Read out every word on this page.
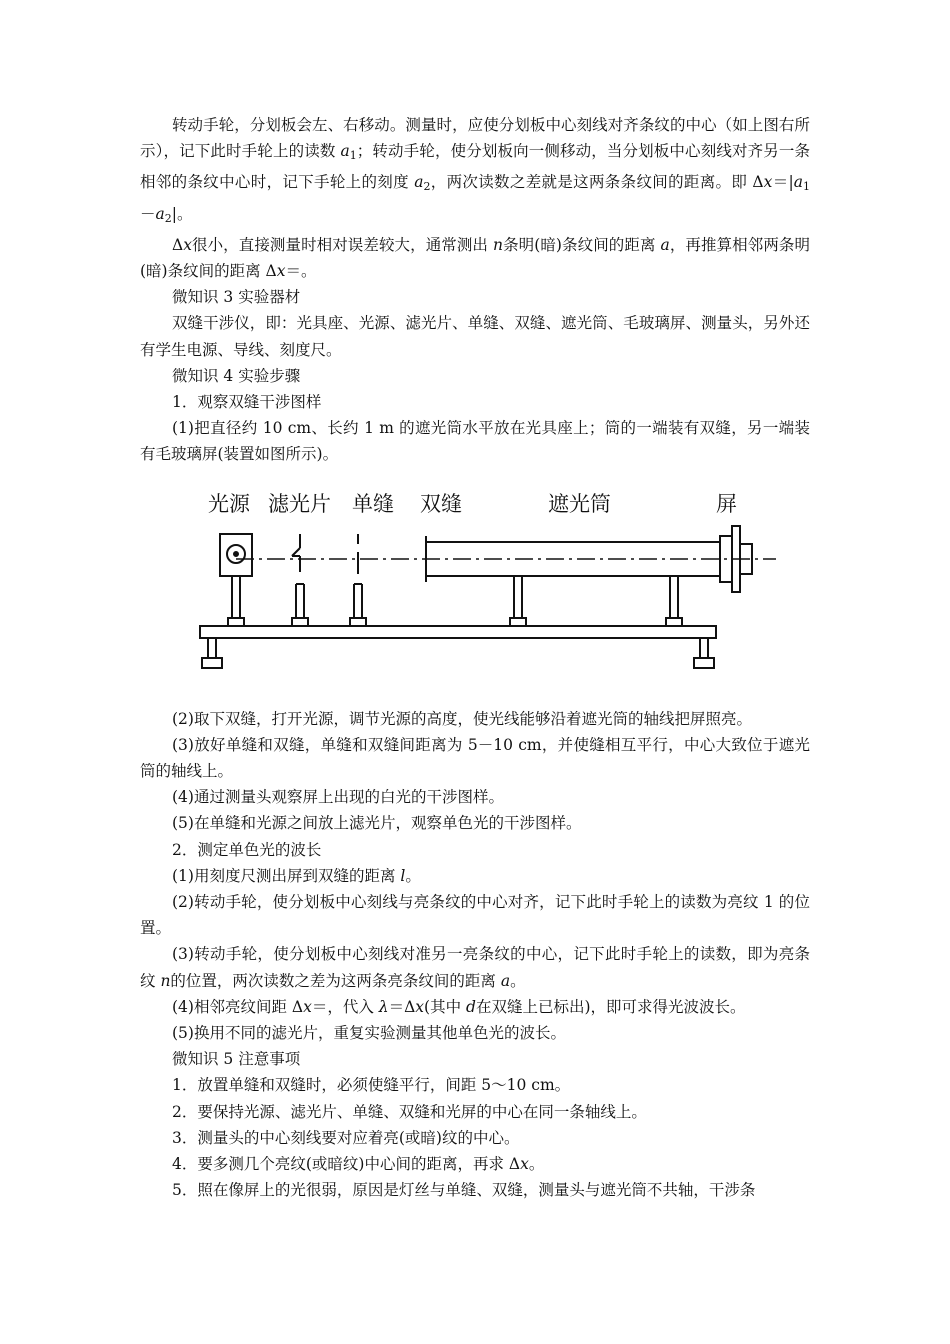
转动手轮，分划板会左、右移动。测量时，应使分划板中心刻线对齐条纹的中心（如上图右所示），记下此时手轮上的读数 $a_1$；转动手轮，使分划板向一侧移动，当分划板中心刻线对齐另一条相邻的条纹中心时，记下手轮上的刻度 $a_2$，两次读数之差就是这两条条纹间的距离。即 $\Delta x=|a_1-a_2|$。

Δx很小，直接测量时相对误差较大，通常测出 n条明(暗)条纹间的距离 a，再推算相邻两条明(暗)条纹间的距离 Δx＝。

微知识 3 实验器材

双缝干涉仪，即：光具座、光源、滤光片、单缝、双缝、遮光筒、毛玻璃屏、测量头，另外还有学生电源、导线、刻度尺。

微知识 4 实验步骤

1．观察双缝干涉图样

(1)把直径约 10 cm、长约 1 m 的遮光筒水平放在光具座上；筒的一端装有双缝，另一端装有毛玻璃屏(装置如图所示)。

光源 滤光片 单缝 双缝	遮光筒	屏

(2)取下双缝，打开光源，调节光源的高度，使光线能够沿着遮光筒的轴线把屏照亮。

(3)放好单缝和双缝，单缝和双缝间距离为 5－10 cm，并使缝相互平行，中心大致位于遮光筒的轴线上。

(4)通过测量头观察屏上出现的白光的干涉图样。

(5)在单缝和光源之间放上滤光片，观察单色光的干涉图样。

2．测定单色光的波长

(1)用刻度尺测出屏到双缝的距离 l。

(2)转动手轮，使分划板中心刻线与亮条纹的中心对齐，记下此时手轮上的读数为亮纹 1 的位置。

(3)转动手轮，使分划板中心刻线对准另一亮条纹的中心，记下此时手轮上的读数，即为亮条纹 n的位置，两次读数之差为这两条亮条纹间的距离 a。

(4)相邻亮纹间距 Δx＝，代入 λ＝Δx(其中 d在双缝上已标出)，即可求得光波波长。

(5)换用不同的滤光片，重复实验测量其他单色光的波长。

微知识 5 注意事项

1．放置单缝和双缝时，必须使缝平行，间距 5～10 cm。

2．要保持光源、滤光片、单缝、双缝和光屏的中心在同一条轴线上。

3．测量头的中心刻线要对应着亮(或暗)纹的中心。

4．要多测几个亮纹(或暗纹)中心间的距离，再求 Δx。

5．照在像屏上的光很弱，原因是灯丝与单缝、双缝，测量头与遮光筒不共轴，干涉条
